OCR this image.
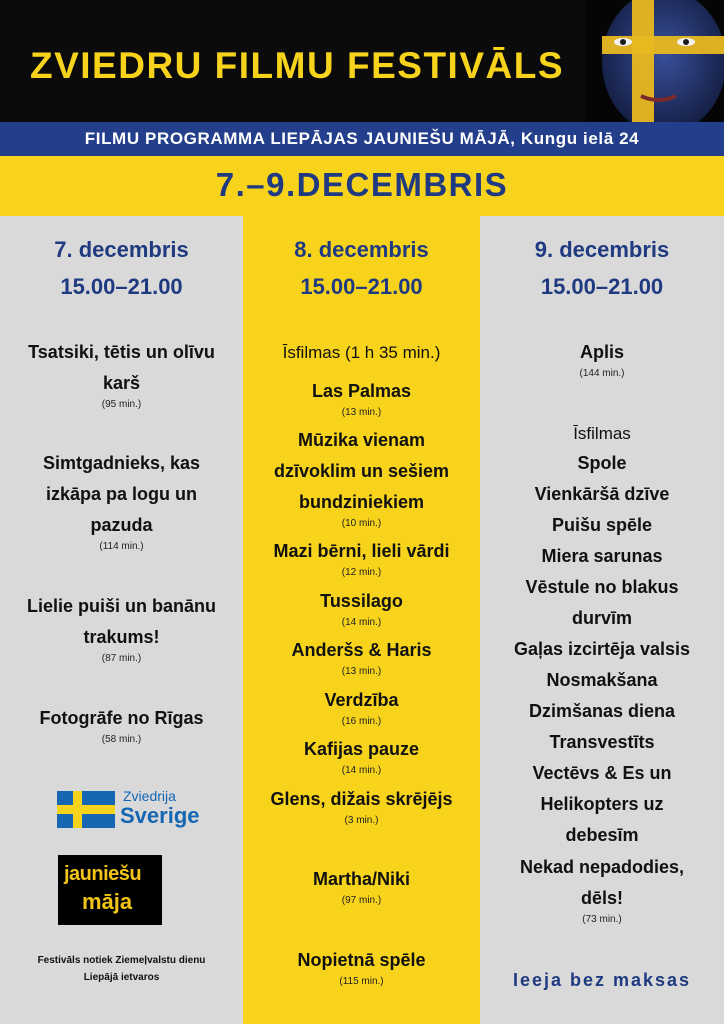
ZVIEDRU FILMU FESTIVĀLS
FILMU PROGRAMMA LIEPĀJAS JAUNIEŠU MĀJĀ, Kungu ielā 24
7.–9.DECEMBRIS
7. decembris
15.00–21.00
Tsatsiki, tētis un olīvu karš
(95 min.)
Simtgadnieks, kas izkāpa pa logu un pazuda
(114 min.)
Lielie puiši un banānu trakums!
(87 min.)
Fotogrāfe no Rīgas
(58 min.)
Zviedrija
Sverige
jauniešu
māja
Festivāls notiek Ziemeļvalstu dienu
Liepājā ietvaros
8. decembris
15.00–21.00
Īsfilmas (1 h 35 min.)
Las Palmas
(13 min.)
Mūzika vienam dzīvoklim un sešiem bundziniekiem
(10 min.)
Mazi bērni, lieli vārdi
(12 min.)
Tussilago
(14 min.)
Anderšs & Haris
(13 min.)
Verdzība
(16 min.)
Kafijas pauze
(14 min.)
Glens, dižais skrējējs
(3 min.)
Martha/Niki
(97 min.)
Nopietnā spēle
(115 min.)
9. decembris
15.00–21.00
Aplis
(144 min.)
Īsfilmas
Spole
Vienkāršā dzīve
Puišu spēle
Miera sarunas
Vēstule no blakus durvīm
Gaļas izcirtēja valsis
Nosmakšana
Dzimšanas diena
Transvestīts
Vectēvs & Es un
Helikopters uz debesīm
Nekad nepadodies, dēls!
(73 min.)
Ieeja bez maksas
